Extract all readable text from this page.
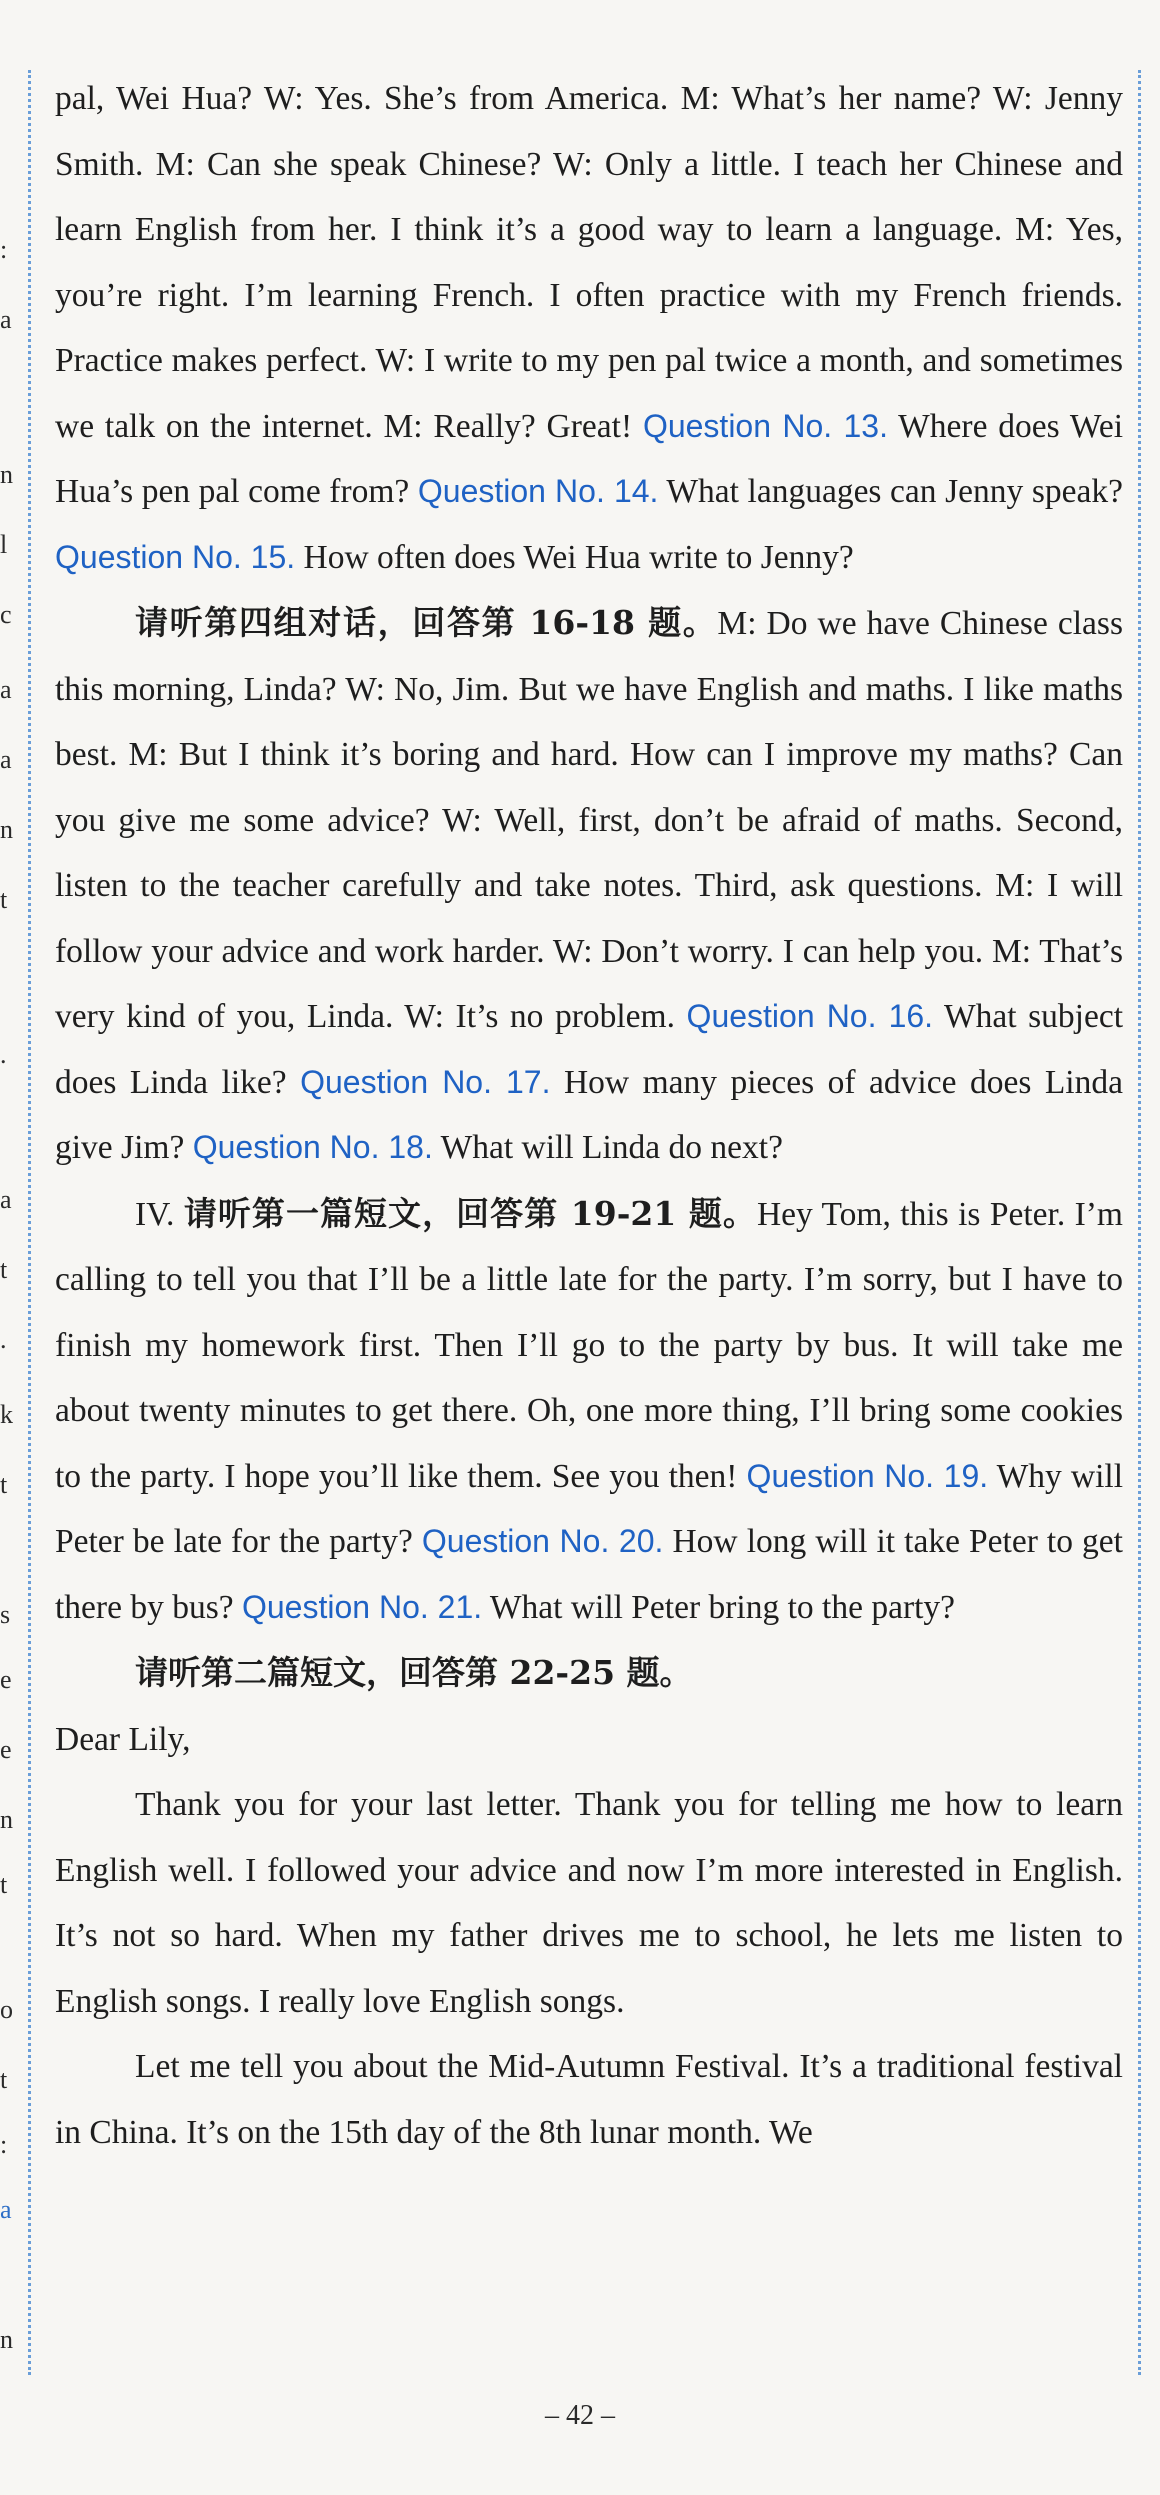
:
a
n
l
c
a
a
n
t
.
a
t
.
k
t
s
e
e
n
t
o
t
:
a
n

pal, Wei Hua? W: Yes. She’s from America. M: What’s her name? W: Jenny Smith. M: Can she speak Chinese? W: Only a little. I teach her Chinese and learn English from her. I think it’s a good way to learn a language. M: Yes, you’re right. I’m learning French. I often practice with my French friends. Practice makes perfect. W: I write to my pen pal twice a month, and sometimes we talk on the internet. M: Really? Great! Question No. 13. Where does Wei Hua’s pen pal come from? Question No. 14. What languages can Jenny speak? Question No. 15. How often does Wei Hua write to Jenny?

请听第四组对话，回答第 16-18 题。M: Do we have Chinese class this morning, Linda? W: No, Jim. But we have English and maths. I like maths best. M: But I think it’s boring and hard. How can I improve my maths? Can you give me some advice? W: Well, first, don’t be afraid of maths. Second, listen to the teacher carefully and take notes. Third, ask questions. M: I will follow your advice and work harder. W: Don’t worry. I can help you. M: That’s very kind of you, Linda. W: It’s no problem. Question No. 16. What subject does Linda like? Question No. 17. How many pieces of advice does Linda give Jim? Question No. 18. What will Linda do next?

IV. 请听第一篇短文，回答第 19-21 题。Hey Tom, this is Peter. I’m calling to tell you that I’ll be a little late for the party. I’m sorry, but I have to finish my homework first. Then I’ll go to the party by bus. It will take me about twenty minutes to get there. Oh, one more thing, I’ll bring some cookies to the party. I hope you’ll like them. See you then! Question No. 19. Why will Peter be late for the party? Question No. 20. How long will it take Peter to get there by bus? Question No. 21. What will Peter bring to the party?

请听第二篇短文，回答第 22-25 题。

Dear Lily,

Thank you for your last letter. Thank you for telling me how to learn English well. I followed your advice and now I’m more interested in English. It’s not so hard. When my father drives me to school, he lets me listen to English songs. I really love English songs.

Let me tell you about the Mid-Autumn Festival. It’s a traditional festival in China. It’s on the 15th day of the 8th lunar month. We

– 42 –
